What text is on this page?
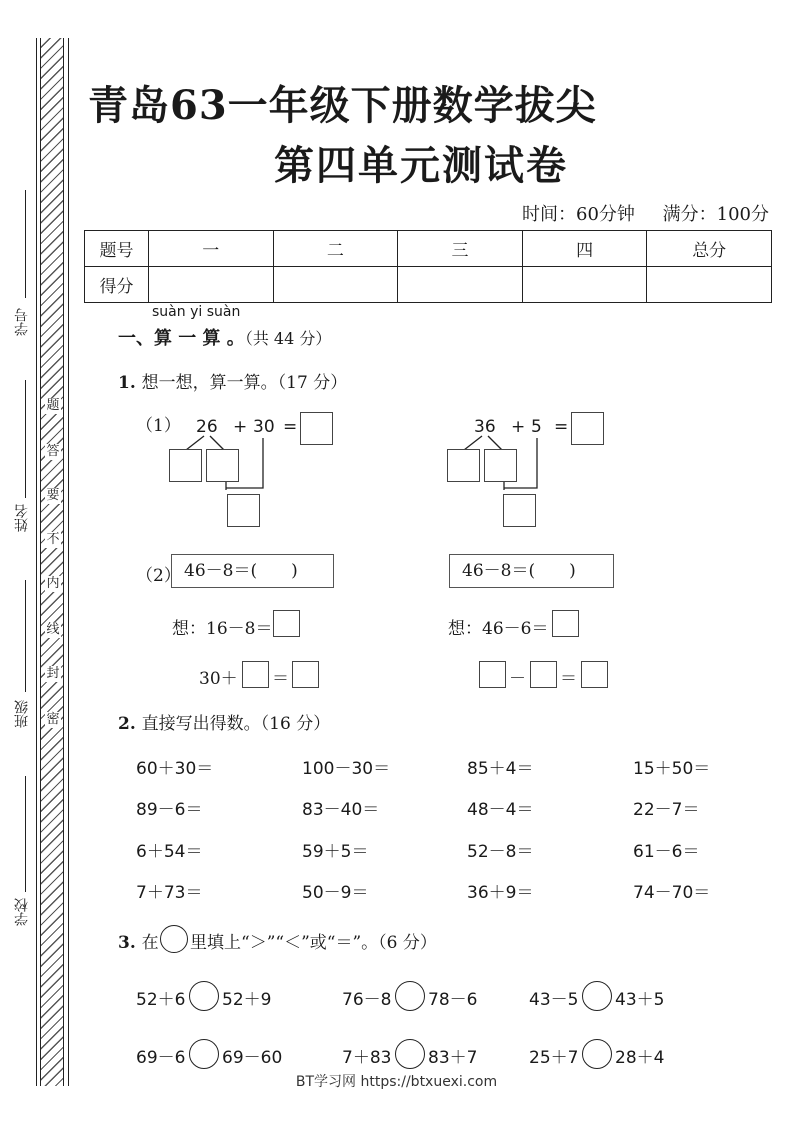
学号
姓名
班级
学校
题
答
要
不
内
线
封
密
青岛63一年级下册数学拔尖
第四单元测试卷
时间：60分钟 满分：100分
题号	一	二	三	四	总分
得分					
suàn yi suàn
一、算 一 算 。（共 44 分）
1. 想一想，算一算。（17 分）
（1） 26 + 30 =	36 + 5 =
（2） 46－8＝(　　)	46－8＝(　　)
想：16－8＝	想：46－6＝
30＋ ＝	－ ＝
2. 直接写出得数。（16 分）
60＋30＝	100－30＝	85＋4＝	15＋50＝
89－6＝	83－40＝	48－4＝	22－7＝
6＋54＝	59＋5＝	52－8＝	61－6＝
7＋73＝	50－9＝	36＋9＝	74－70＝
3. 在 里填上“＞”“＜”或“＝”。（6 分）
52＋6 52＋9	76－8 78－6	43－5 43＋5
69－6 69－60	7＋83 83＋7	25＋7 28＋4
BT学习网 https://btxuexi.com
